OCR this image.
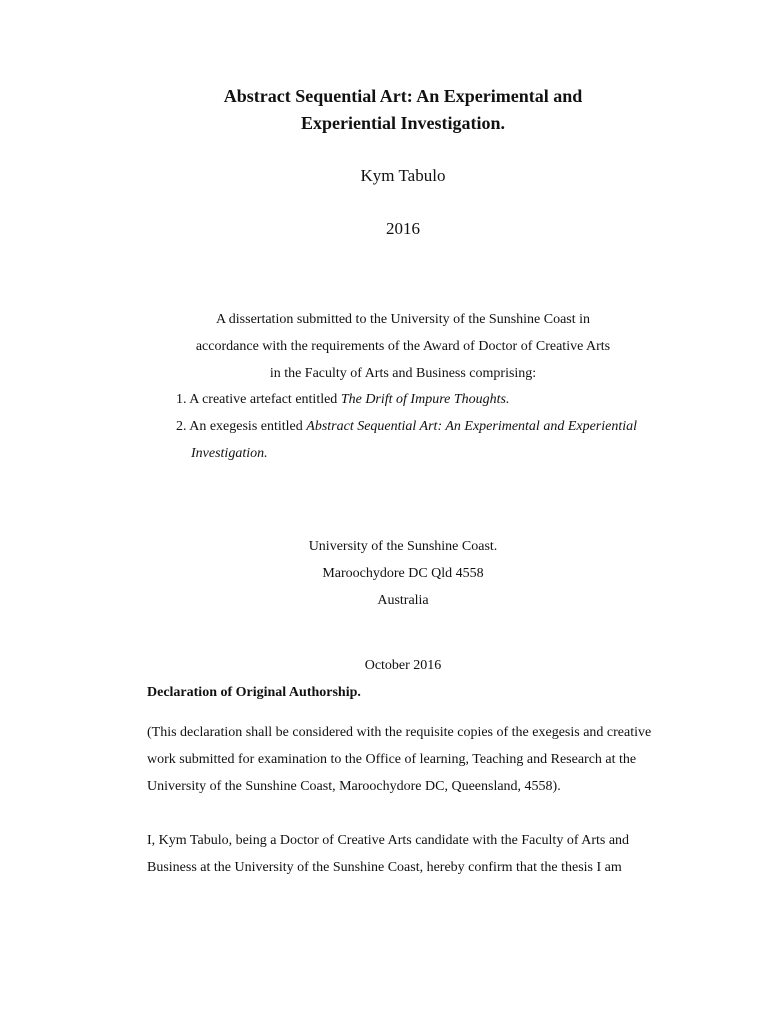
Abstract Sequential Art: An Experimental and
Experiential Investigation.
Kym Tabulo
2016
A dissertation submitted to the University of the Sunshine Coast in
accordance with the requirements of the Award of Doctor of Creative Arts
in the Faculty of Arts and Business comprising:
1. A creative artefact entitled The Drift of Impure Thoughts.
2. An exegesis entitled Abstract Sequential Art: An Experimental and Experiential
Investigation.
University of the Sunshine Coast.
Maroochydore DC Qld 4558
Australia
October 2016
Declaration of Original Authorship.
(This declaration shall be considered with the requisite copies of the exegesis and creative
work submitted for examination to the Office of learning, Teaching and Research at the
University of the Sunshine Coast, Maroochydore DC, Queensland, 4558).
I, Kym Tabulo, being a Doctor of Creative Arts candidate with the Faculty of Arts and
Business at the University of the Sunshine Coast, hereby confirm that the thesis I am
